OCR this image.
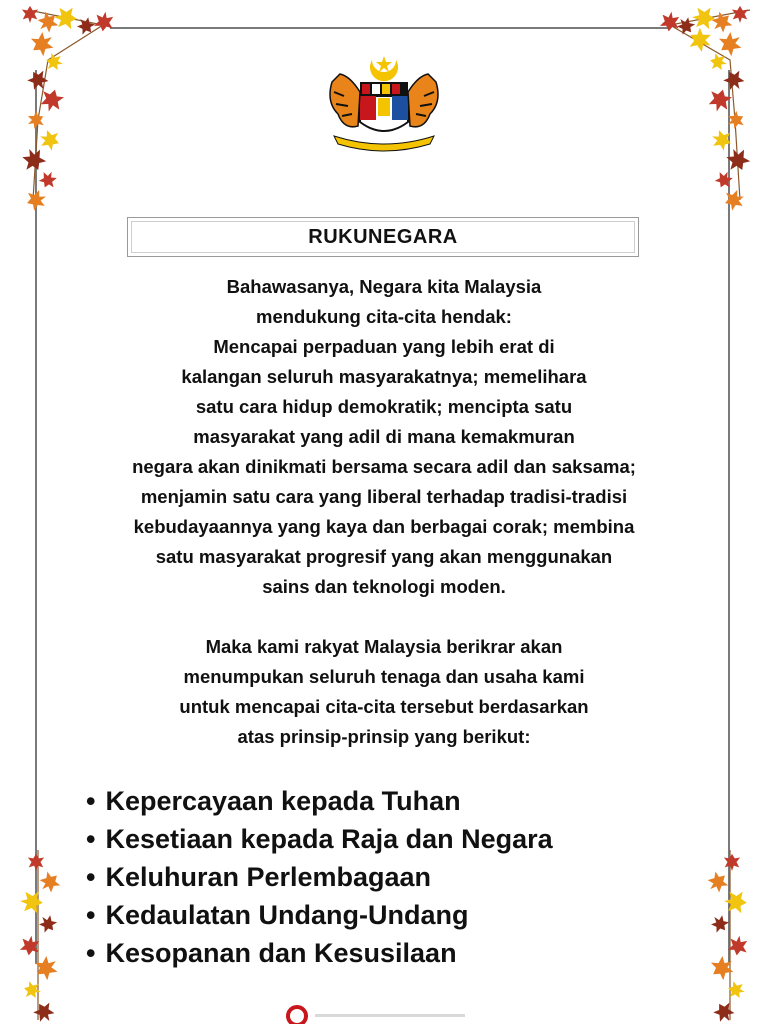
RUKUNEGARA
Bahawasanya, Negara kita Malaysia
mendukung cita-cita hendak:
Mencapai perpaduan yang lebih erat di
kalangan seluruh masyarakatnya; memelihara
satu cara hidup demokratik; mencipta satu
masyarakat yang adil di mana kemakmuran
negara akan dinikmati bersama secara adil dan saksama;
menjamin satu cara yang liberal terhadap tradisi-tradisi
kebudayaannya yang kaya dan berbagai corak; membina
satu masyarakat progresif yang akan menggunakan
sains dan teknologi moden.
Maka kami rakyat Malaysia berikrar akan
menumpukan seluruh tenaga dan usaha kami
untuk mencapai cita-cita tersebut berdasarkan
atas prinsip-prinsip yang berikut:
• Kepercayaan kepada Tuhan
• Kesetiaan kepada Raja dan Negara
• Keluhuran Perlembagaan
• Kedaulatan Undang-Undang
• Kesopanan dan Kesusilaan
